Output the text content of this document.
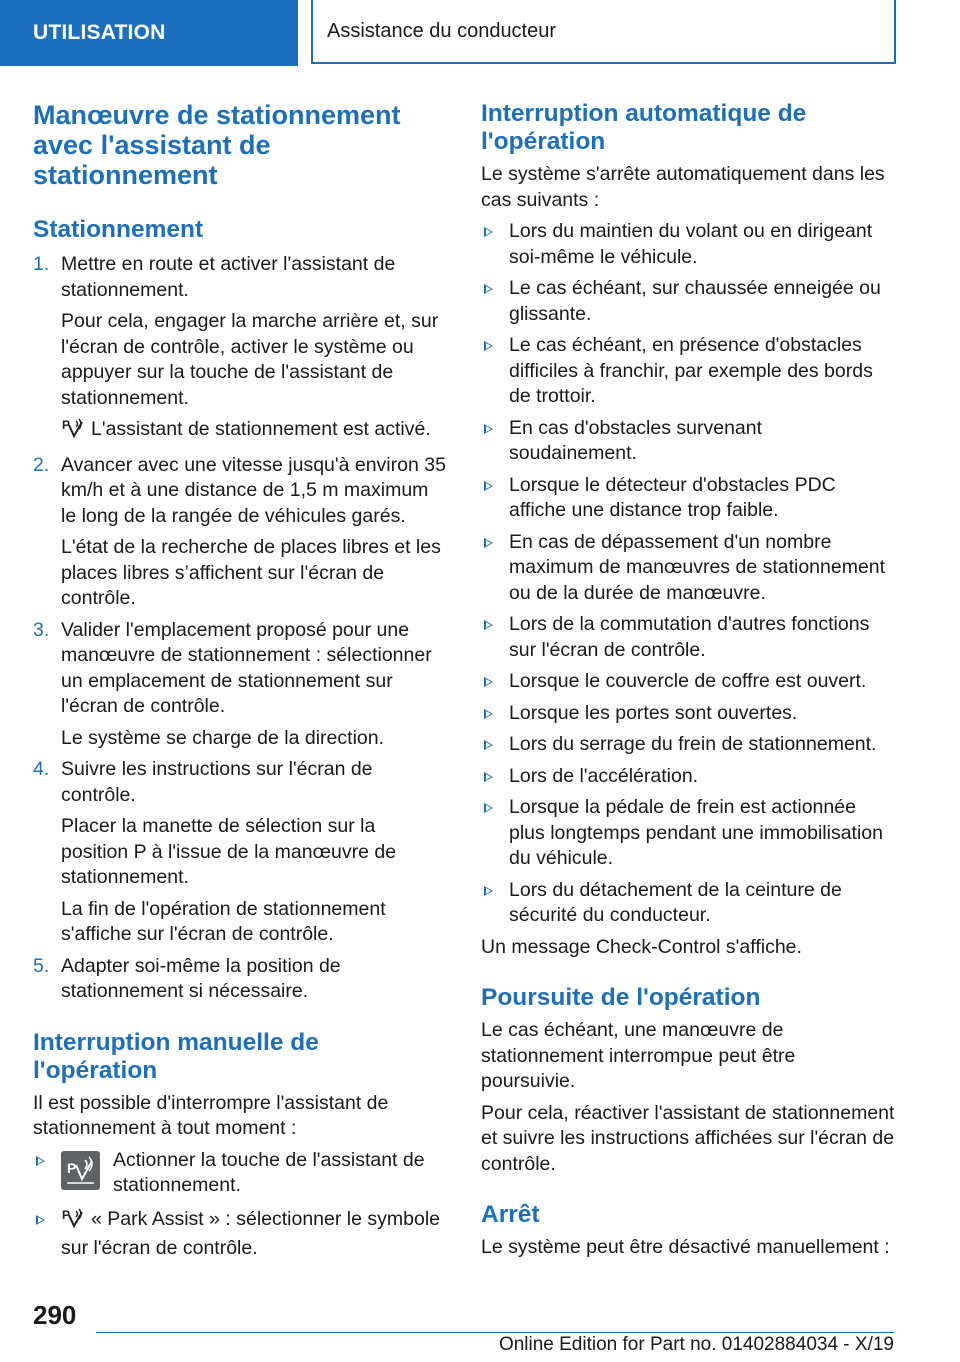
UTILISATION	Assistance du conducteur
Manœuvre de stationnement avec l'assistant de stationnement
Stationnement
1. Mettre en route et activer l'assistant de stationnement.

Pour cela, engager la marche arrière et, sur l'écran de contrôle, activer le système ou appuyer sur la touche de l'assistant de stationnement.

P L'assistant de stationnement est activé.

2. Avancer avec une vitesse jusqu'à environ 35 km/h et à une distance de 1,5 m maximum le long de la rangée de véhicules garés.

L'état de la recherche de places libres et les places libres s’affichent sur l'écran de contrôle.

3. Valider l'emplacement proposé pour une manœuvre de stationnement : sélectionner un emplacement de stationnement sur l'écran de contrôle.

Le système se charge de la direction.

4. Suivre les instructions sur l'écran de contrôle.

Placer la manette de sélection sur la position P à l'issue de la manœuvre de stationnement.

La fin de l'opération de stationnement s'affiche sur l'écran de contrôle.

5. Adapter soi-même la position de stationnement si nécessaire.

Interruption manuelle de l'opération

Il est possible d'interrompre l'assistant de stationnement à tout moment :

P	Actionner la touche de l'assistant de stationnement.

P « Park Assist » : sélectionner le symbole sur l'écran de contrôle.

Interruption automatique de l'opération

Le système s'arrête automatiquement dans les cas suivants :

Lors du maintien du volant ou en dirigeant soi-même le véhicule.

Le cas échéant, sur chaussée enneigée ou glissante.

Le cas échéant, en présence d'obstacles difficiles à franchir, par exemple des bords de trottoir.

En cas d'obstacles survenant soudainement.

Lorsque le détecteur d'obstacles PDC affiche une distance trop faible.

En cas de dépassement d'un nombre maximum de manœuvres de stationnement ou de la durée de manœuvre.

Lors de la commutation d'autres fonctions sur l'écran de contrôle.

Lorsque le couvercle de coffre est ouvert.

Lorsque les portes sont ouvertes.

Lors du serrage du frein de stationnement.

Lors de l'accélération.

Lorsque la pédale de frein est actionnée plus longtemps pendant une immobilisation du véhicule.

Lors du détachement de la ceinture de sécurité du conducteur.

Un message Check-Control s'affiche.

Poursuite de l'opération

Le cas échéant, une manœuvre de stationnement interrompue peut être poursuivie.

Pour cela, réactiver l'assistant de stationnement et suivre les instructions affichées sur l'écran de contrôle.

Arrêt

Le système peut être désactivé manuellement :

290
Online Edition for Part no. 01402884034 - X/19
